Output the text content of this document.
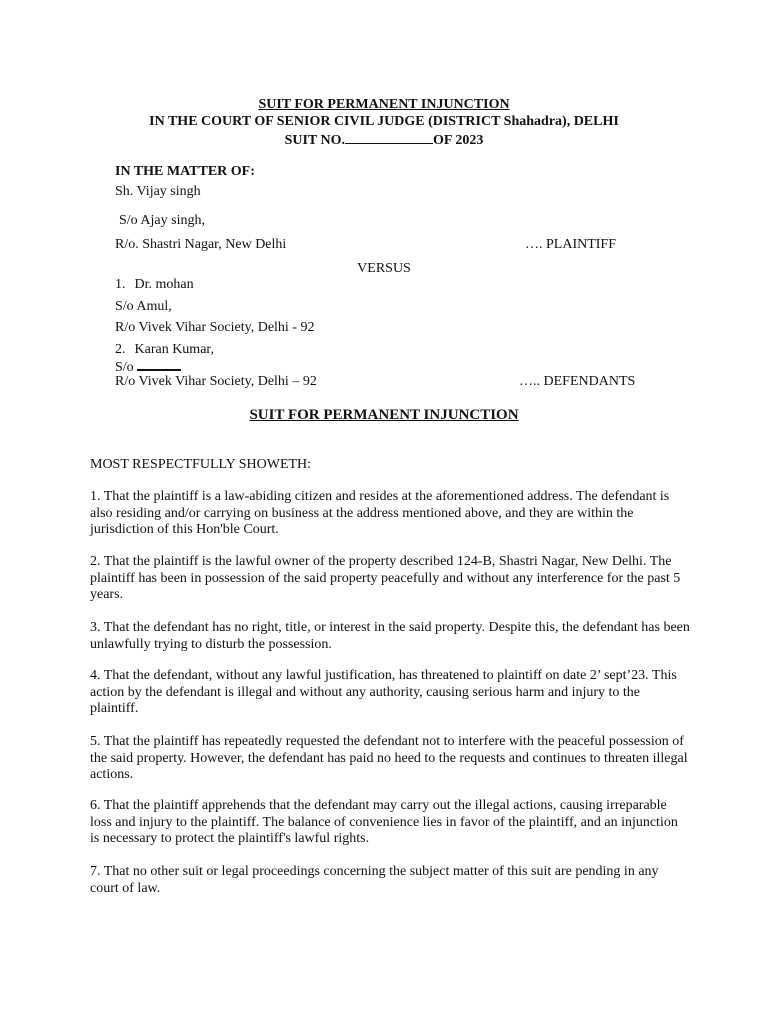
SUIT FOR PERMANENT INJUNCTION
IN THE COURT OF SENIOR CIVIL JUDGE (DISTRICT Shahadra), DELHI
SUIT NO.	OF 2023
IN THE MATTER OF:
Sh. Vijay singh
S/o Ajay singh,
R/o. Shastri Nagar, New Delhi	…. PLAINTIFF
VERSUS
1. Dr. mohan
S/o Amul,
R/o Vivek Vihar Society, Delhi - 92
2. Karan Kumar,
S/o
R/o Vivek Vihar Society, Delhi – 92	….. DEFENDANTS
SUIT FOR PERMANENT INJUNCTION
MOST RESPECTFULLY SHOWETH:
1. That the plaintiff is a law-abiding citizen and resides at the aforementioned address. The defendant is also residing and/or carrying on business at the address mentioned above, and they are within the jurisdiction of this Hon'ble Court.
2. That the plaintiff is the lawful owner of the property described 124-B, Shastri Nagar, New Delhi. The plaintiff has been in possession of the said property peacefully and without any interference for the past 5 years.
3. That the defendant has no right, title, or interest in the said property. Despite this, the defendant has been unlawfully trying to disturb the possession.
4. That the defendant, without any lawful justification, has threatened to plaintiff on date 2’ sept’23. This action by the defendant is illegal and without any authority, causing serious harm and injury to the plaintiff.
5. That the plaintiff has repeatedly requested the defendant not to interfere with the peaceful possession of the said property. However, the defendant has paid no heed to the requests and continues to threaten illegal actions.
6. That the plaintiff apprehends that the defendant may carry out the illegal actions, causing irreparable loss and injury to the plaintiff. The balance of convenience lies in favor of the plaintiff, and an injunction is necessary to protect the plaintiff's lawful rights.
7. That no other suit or legal proceedings concerning the subject matter of this suit are pending in any court of law.
